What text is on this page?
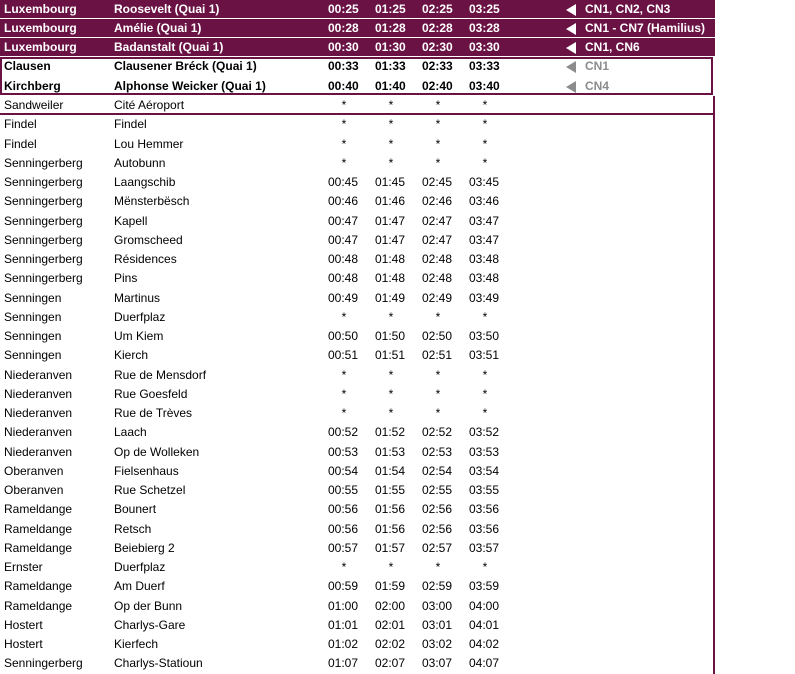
Luxembourg	Roosevelt (Quai 1)	00:25 01:25 02:25 03:25	CN1, CN2, CN3
Luxembourg	Amélie (Quai 1)	00:28 01:28 02:28 03:28	CN1 - CN7 (Hamilius)
Luxembourg	Badanstalt (Quai 1)	00:30 01:30 02:30 03:30	CN1, CN6
Clausen	Clausener Bréck (Quai 1)	00:33 01:33 02:33 03:33	CN1
Kirchberg	Alphonse Weicker (Quai 1)	00:40 01:40 02:40 03:40	CN4
Sandweiler	Cité Aéroport	*	*	*	*
Findel	Findel	*	*	*	*
Findel	Lou Hemmer	*	*	*	*
Senningerberg	Autobunn	*	*	*	*
Senningerberg	Laangschib	00:45 01:45 02:45 03:45
Senningerberg	Mënsterbësch	00:46 01:46 02:46 03:46
Senningerberg	Kapell	00:47 01:47 02:47 03:47
Senningerberg	Gromscheed	00:47 01:47 02:47 03:47
Senningerberg	Résidences	00:48 01:48 02:48 03:48
Senningerberg	Pins	00:48 01:48 02:48 03:48
Senningen	Martinus	00:49 01:49 02:49 03:49
Senningen	Duerfplaz	*	*	*	*
Senningen	Um Kiem	00:50 01:50 02:50 03:50
Senningen	Kierch	00:51 01:51 02:51 03:51
Niederanven	Rue de Mensdorf	*	*	*	*
Niederanven	Rue Goesfeld	*	*	*	*
Niederanven	Rue de Trèves	*	*	*	*
Niederanven	Laach	00:52 01:52 02:52 03:52
Niederanven	Op de Wolleken	00:53 01:53 02:53 03:53
Oberanven	Fielsenhaus	00:54 01:54 02:54 03:54
Oberanven	Rue Schetzel	00:55 01:55 02:55 03:55
Rameldange	Bounert	00:56 01:56 02:56 03:56
Rameldange	Retsch	00:56 01:56 02:56 03:56
Rameldange	Beiebierg 2	00:57 01:57 02:57 03:57
Ernster	Duerfplaz	*	*	*	*
Rameldange	Am Duerf	00:59 01:59 02:59 03:59
Rameldange	Op der Bunn	01:00 02:00 03:00 04:00
Hostert	Charlys-Gare	01:01 02:01 03:01 04:01
Hostert	Kierfech	01:02 02:02 03:02 04:02
Senningerberg	Charlys-Statioun	01:07 02:07 03:07 04:07
